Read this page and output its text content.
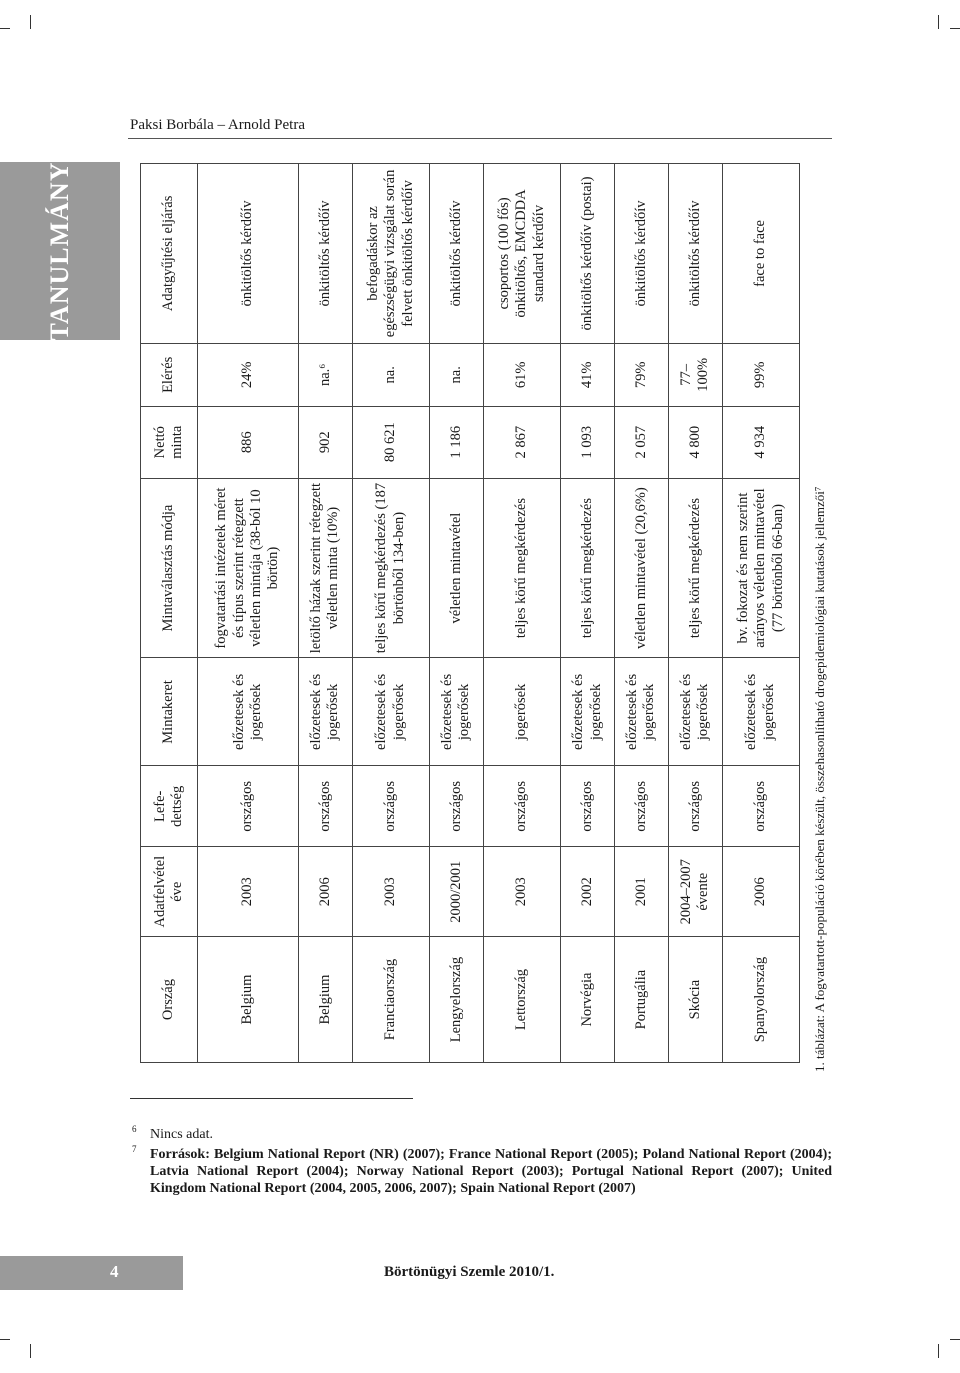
Paksi Borbála – Arnold Petra
TANULMÁNY
Ország	Adatfelvétel éve	Lefe-dettség	Mintakeret	Mintaválasztás módja	Nettó minta	Elérés	Adatgyűjtési eljárás
Belgium	2003	országos	előzetesek és jogerősek	fogvatartási intézetek méret és típus szerint rétegzett véletlen mintája (38-ból 10 börtön)	886	24%	önkitöltős kérdőív
Belgium	2006	országos	előzetesek és jogerősek	letöltő házak szerint rétegzett véletlen minta (10%)	902	na.⁶	önkitöltős kérdőív
Franciaország	2003	országos	előzetesek és jogerősek	teljes körű megkérdezés (187 börtönből 134-ben)	80 621	na.	befogadáskor az egészségügyi vizsgálat során felvett önkitöltős kérdőív
Lengyelország	2000/2001	országos	előzetesek és jogerősek	véletlen mintavétel	1 186	na.	önkitöltős kérdőív
Lettország	2003	országos	jogerősek	teljes körű megkérdezés	2 867	61%	csoportos (100 fős) önkitöltős, EMCDDA standard kérdőív
Norvégia	2002	országos	előzetesek és jogerősek	teljes körű megkérdezés	1 093	41%	önkitöltős kérdőív (postai)
Portugália	2001	országos	előzetesek és jogerősek	véletlen mintavétel (20,6%)	2 057	79%	önkitöltős kérdőív
Skócia	2004–2007 évente	országos	előzetesek és jogerősek	teljes körű megkérdezés	4 800	77–100%	önkitöltős kérdőív
Spanyolország	2006	országos	előzetesek és jogerősek	bv. fokozat és nem szerint arányos véletlen mintavétel (77 börtönből 66-ban)	4 934	99%	face to face
1. táblázat: A fogvatartott-populáció körében készült, összehasonlítható drogepidemiológiai kutatások jellemzői⁷
$^6$ Nincs adat.
$^7$ Források: Belgium National Report (NR) (2007); France National Report (2005); Poland National Report (2004); Latvia National Report (2004); Norway National Report (2003); Portugal National Report (2007); United Kingdom National Report (2004, 2005, 2006, 2007); Spain National Report (2007)
4	Börtönügyi Szemle 2010/1.
